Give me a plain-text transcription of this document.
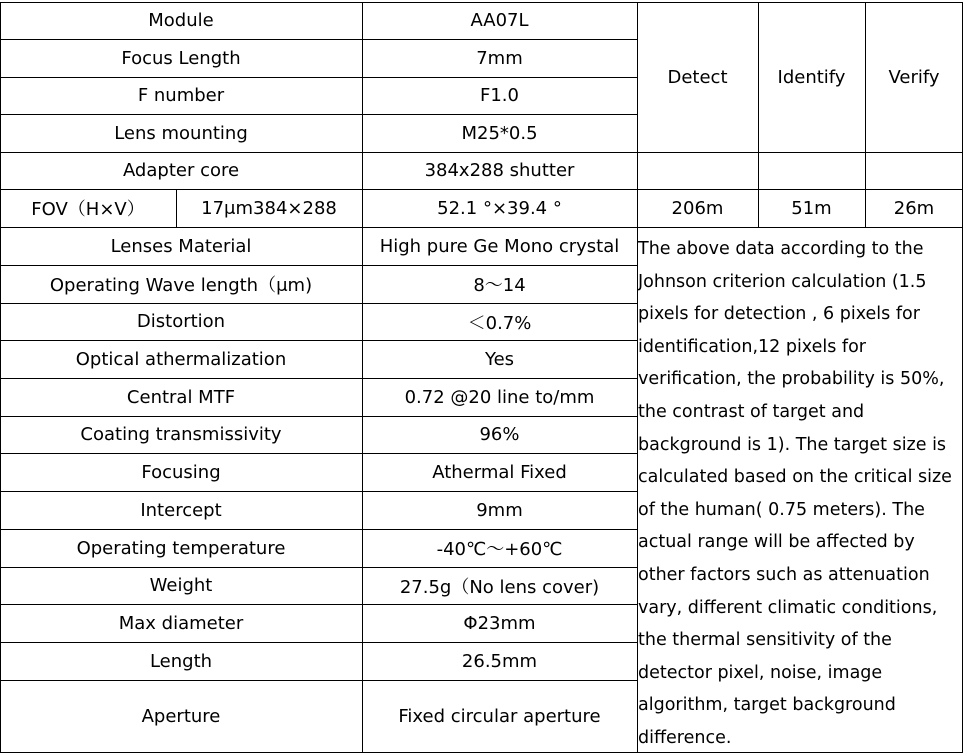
Module	AA07L
Focus Length	7mm
F number	F1.0
Lens mounting	M25*0.5
Adapter core	384x288 shutter
Detect	Identify	Verify
FOV（H×V）	17μm384×288	52.1 °×39.4 °	206m	51m	26m
Lenses Material	High pure Ge Mono crystal
Operating Wave length（μm)	8～14
Distortion	＜0.7%
Optical athermalization	Yes
Central MTF	0.72 @20 line to/mm
Coating transmissivity	96%
Focusing	Athermal Fixed
Intercept	9mm
Operating temperature	-40℃～+60℃
Weight	27.5g（No lens cover)
Max diameter	Φ23mm
Length	26.5mm
Aperture	Fixed circular aperture
The above data according to the Johnson criterion calculation (1.5 pixels for detection , 6 pixels for identification,12 pixels for verification, the probability is 50%, the contrast of target and background is 1). The target size is calculated based on the critical size of the human( 0.75 meters). The actual range will be affected by other factors such as attenuation vary, different climatic conditions, the thermal sensitivity of the detector pixel, noise, image algorithm, target background difference.
